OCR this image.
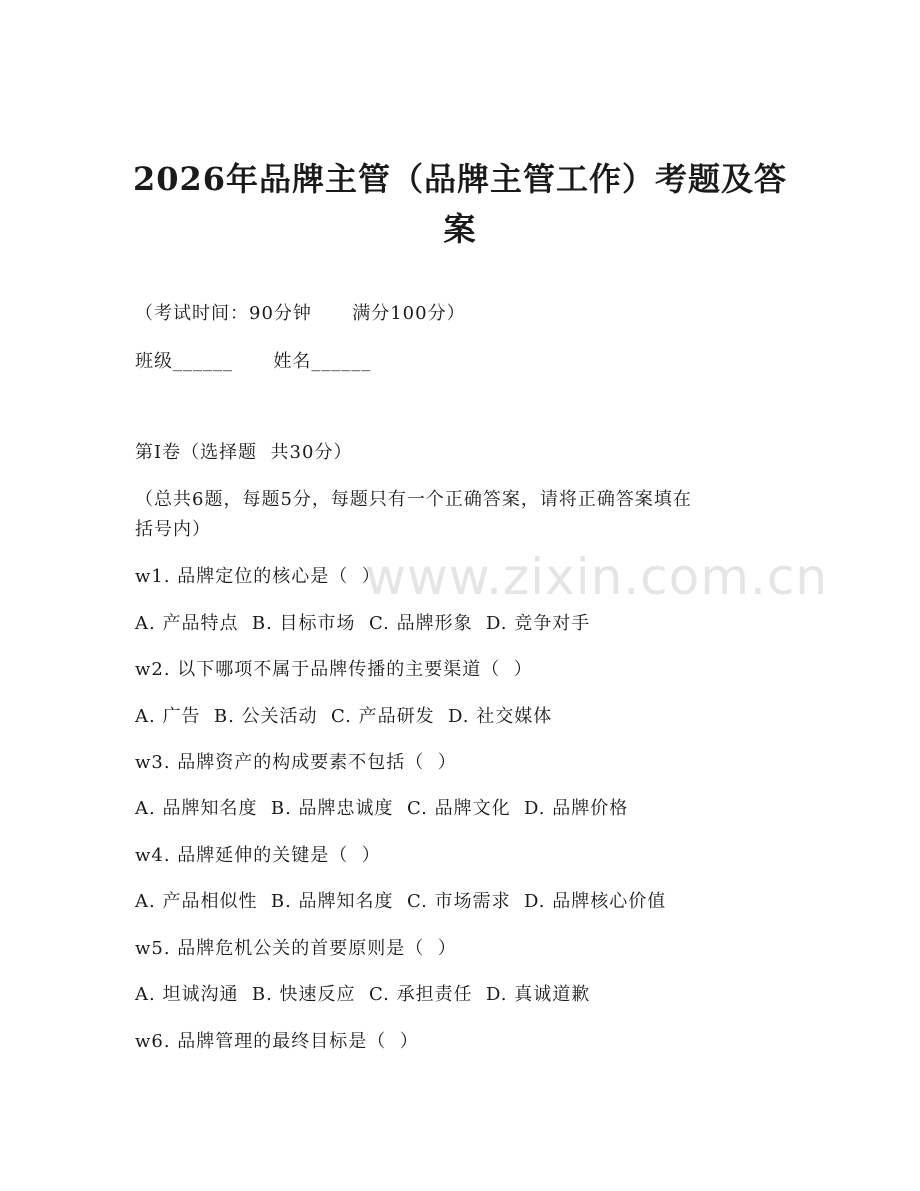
2026年品牌主管（品牌主管工作）考题及答
案
（考试时间：90分钟      满分100分）
班级______      姓名______
第I卷（选择题  共30分）
（总共6题，每题5分，每题只有一个正确答案，请将正确答案填在
括号内）
w1. 品牌定位的核心是（  ）
A. 产品特点  B. 目标市场  C. 品牌形象  D. 竞争对手
w2. 以下哪项不属于品牌传播的主要渠道（  ）
A. 广告  B. 公关活动  C. 产品研发  D. 社交媒体
w3. 品牌资产的构成要素不包括（  ）
A. 品牌知名度  B. 品牌忠诚度  C. 品牌文化  D. 品牌价格
w4. 品牌延伸的关键是（  ）
A. 产品相似性  B. 品牌知名度  C. 市场需求  D. 品牌核心价值
w5. 品牌危机公关的首要原则是（  ）
A. 坦诚沟通  B. 快速反应  C. 承担责任  D. 真诚道歉
w6. 品牌管理的最终目标是（  ）
www.zixin.com.cn
